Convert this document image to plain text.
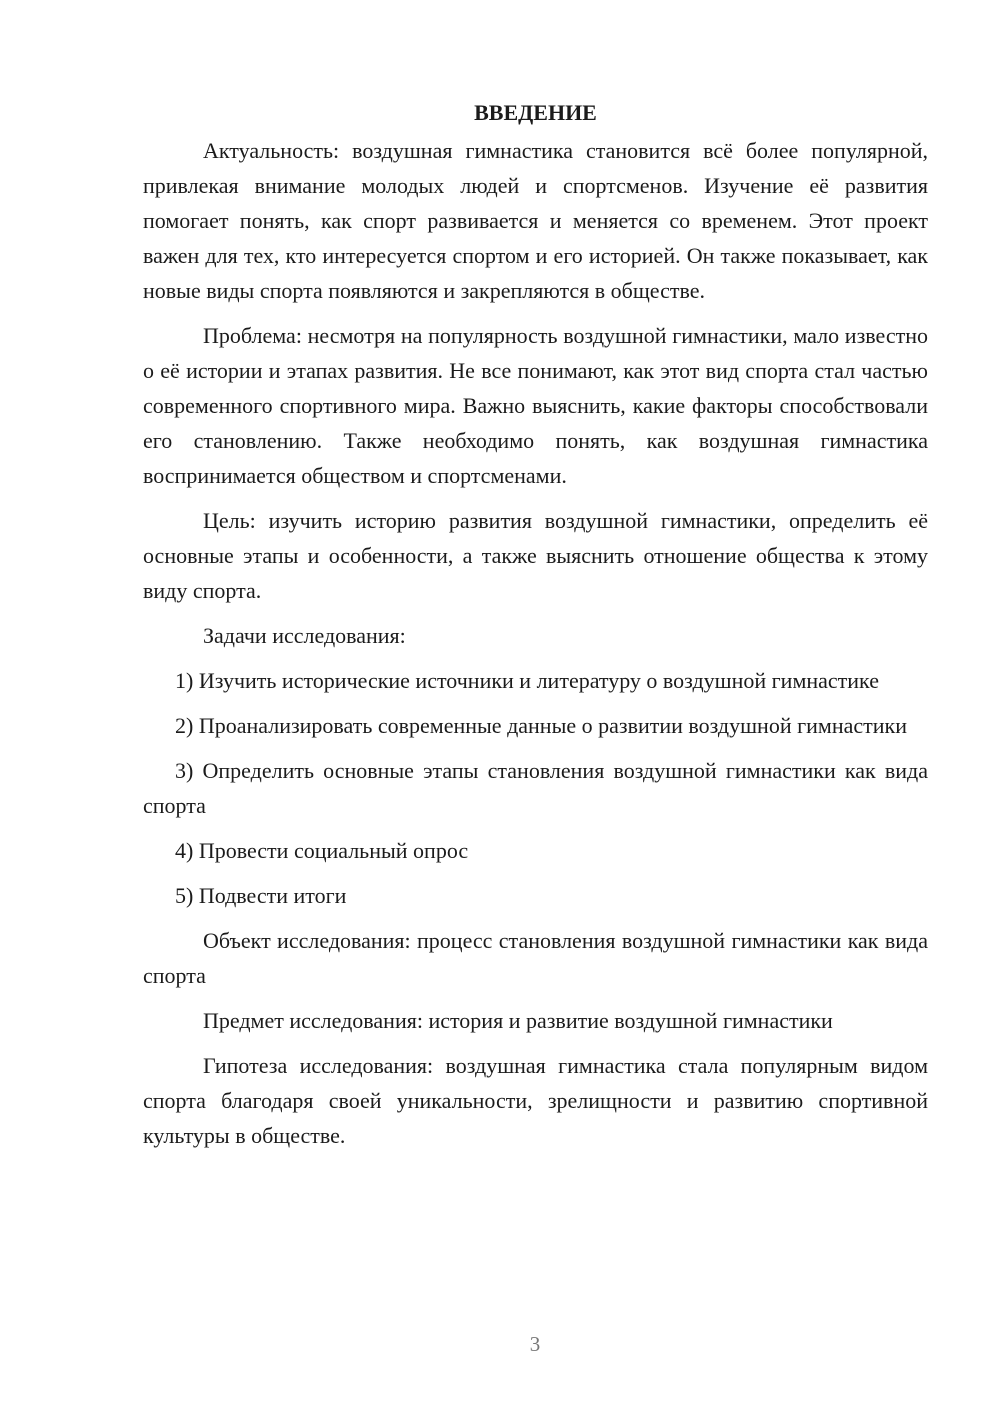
ВВЕДЕНИЕ

Актуальность: воздушная гимнастика становится всё более популярной, привлекая внимание молодых людей и спортсменов. Изучение её развития помогает понять, как спорт развивается и меняется со временем. Этот проект важен для тех, кто интересуется спортом и его историей. Он также показывает, как новые виды спорта появляются и закрепляются в обществе.

Проблема: несмотря на популярность воздушной гимнастики, мало известно о её истории и этапах развития. Не все понимают, как этот вид спорта стал частью современного спортивного мира. Важно выяснить, какие факторы способствовали его становлению. Также необходимо понять, как воздушная гимнастика воспринимается обществом и спортсменами.

Цель: изучить историю развития воздушной гимнастики, определить её основные этапы и особенности, а также выяснить отношение общества к этому виду спорта.

Задачи исследования:

1) Изучить исторические источники и литературу о воздушной гимнастике

2) Проанализировать современные данные о развитии воздушной гимнастики

3) Определить основные этапы становления воздушной гимнастики как вида спорта

4) Провести социальный опрос

5) Подвести итоги

Объект исследования: процесс становления воздушной гимнастики как вида спорта

Предмет исследования: история и развитие воздушной гимнастики

Гипотеза исследования: воздушная гимнастика стала популярным видом спорта благодаря своей уникальности, зрелищности и развитию спортивной культуры в обществе.

3
